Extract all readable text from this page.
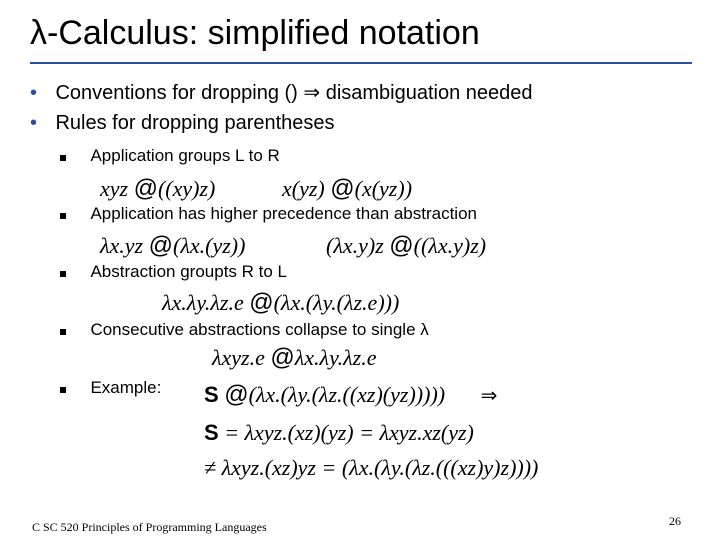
λ-Calculus: simplified notation
• Conventions for dropping () ⇒ disambiguation needed
• Rules for dropping parentheses
Application groups L to R
xyz @((xy)z)	x(yz) @(x(yz))
Application has higher precedence than abstraction
λx.yz @(λx.(yz))	(λx.y)z @((λx.y)z)
Abstraction groupts R to L
λx.λy.λz.e @(λx.(λy.(λz.e)))
Consecutive abstractions collapse to single λ
λxyz.e @λx.λy.λz.e
Example: S @(λx.(λy.(λz.((xz)(yz))))) ⇒
S = λxyz.(xz)(yz) = λxyz.xz(yz)
≠ λxyz.(xz)yz = (λx.(λy.(λz.(((xz)y)z))))
C SC 520 Principles of Programming Languages	26
